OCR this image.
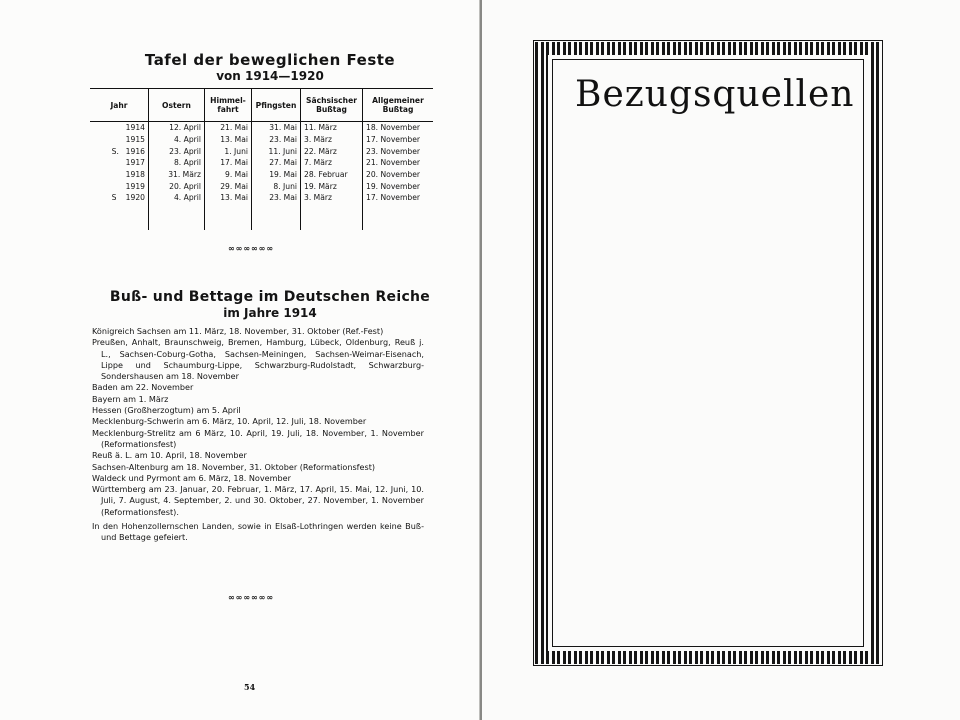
Tafel der beweglichen Feste
von 1914—1920
Jahr	Ostern	Himmel-fahrt	Pfingsten	Sächsischer Bußtag	Allgemeiner Bußtag
1914	12. April	21. Mai	31. Mai	11. März	18. November
1915	4. April	13. Mai	23. Mai	3. März	17. November
S. 1916	23. April	1. Juni	11. Juni	22. März	23. November
1917	8. April	17. Mai	27. Mai	7. März	21. November
1918	31. März	9. Mai	19. Mai	28. Februar	20. November
1919	20. April	29. Mai	8. Juni	19. März	19. November
S 1920	4. April	13. Mai	23. Mai	3. März	17. November

∞∞∞∞∞∞
Buß- und Bettage im Deutschen Reiche
im Jahre 1914

Königreich Sachsen am 11. März, 18. November, 31. Oktober (Ref.-Fest)

Preußen, Anhalt, Braunschweig, Bremen, Hamburg, Lübeck, Oldenburg, Reuß j. L., Sachsen-Coburg-Gotha, Sachsen-Meiningen, Sachsen-Weimar-Eisenach, Lippe und Schaumburg-Lippe, Schwarzburg-Rudolstadt, Schwarzburg-Sondershausen am 18. November

Baden am 22. November

Bayern am 1. März

Hessen (Großherzogtum) am 5. April

Mecklenburg-Schwerin am 6. März, 10. April, 12. Juli, 18. November

Mecklenburg-Strelitz am 6 März, 10. April, 19. Juli, 18. November, 1. November (Reformationsfest)

Reuß ä. L. am 10. April, 18. November

Sachsen-Altenburg am 18. November, 31. Oktober (Reformationsfest)

Waldeck und Pyrmont am 6. März, 18. November

Württemberg am 23. Januar, 20. Februar, 1. März, 17. April, 15. Mai, 12. Juni, 10. Juli, 7. August, 4. September, 2. und 30. Oktober, 27. November, 1. November (Reformationsfest).

In den Hohenzollernschen Landen, sowie in Elsaß-Lothringen werden keine Buß- und Bettage gefeiert.

∞∞∞∞∞∞
54
Bezugsquellen
